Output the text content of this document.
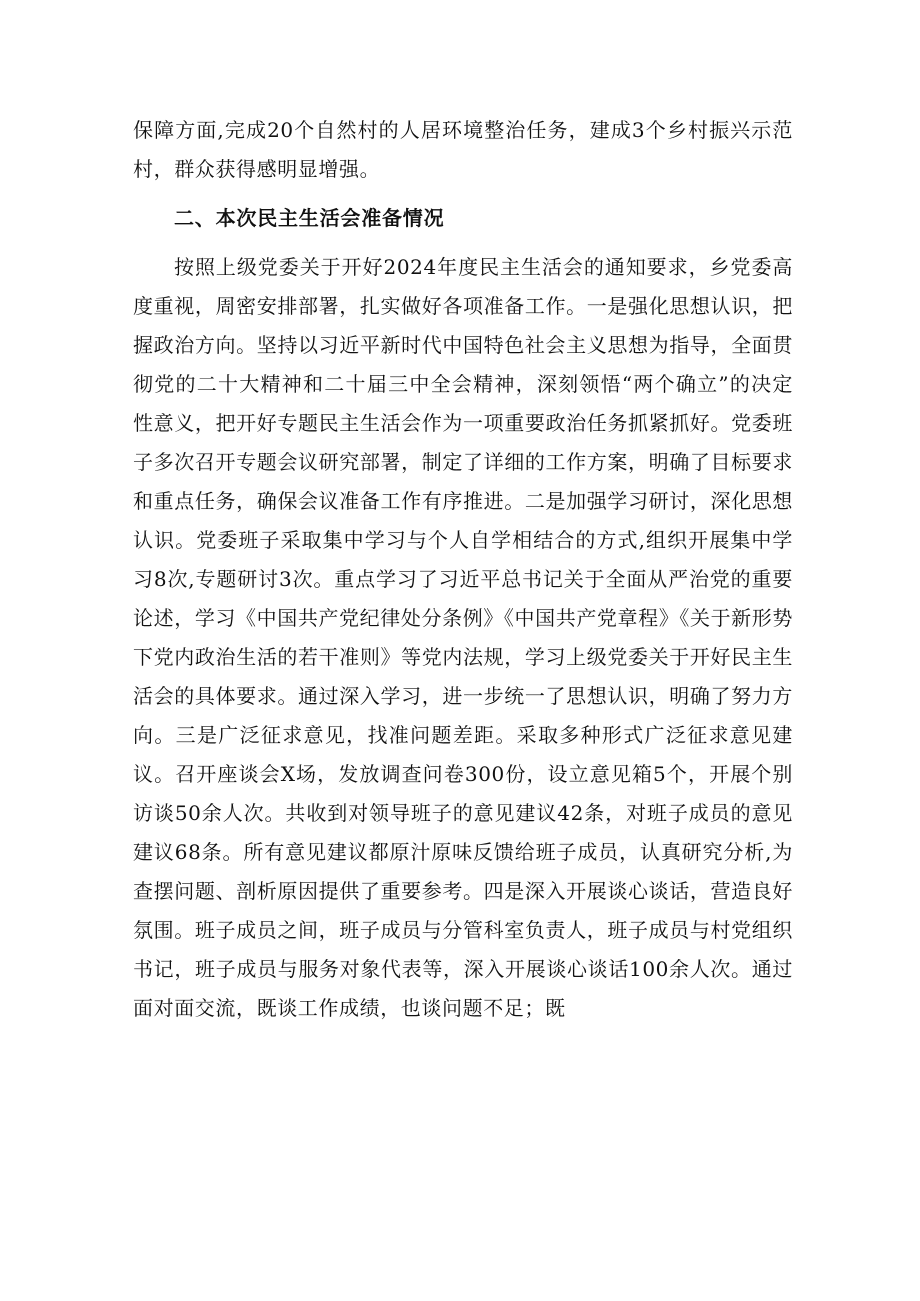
保障方面,完成20个自然村的人居环境整治任务，建成3个乡村振兴示范村，群众获得感明显增强。

二、本次民主生活会准备情况

按照上级党委关于开好2024年度民主生活会的通知要求，乡党委高度重视，周密安排部署，扎实做好各项准备工作。一是强化思想认识，把握政治方向。坚持以习近平新时代中国特色社会主义思想为指导，全面贯彻党的二十大精神和二十届三中全会精神，深刻领悟“两个确立”的决定性意义，把开好专题民主生活会作为一项重要政治任务抓紧抓好。党委班子多次召开专题会议研究部署，制定了详细的工作方案，明确了目标要求和重点任务，确保会议准备工作有序推进。二是加强学习研讨，深化思想认识。党委班子采取集中学习与个人自学相结合的方式,组织开展集中学习8次,专题研讨3次。重点学习了习近平总书记关于全面从严治党的重要论述，学习《中国共产党纪律处分条例》《中国共产党章程》《关于新形势下党内政治生活的若干准则》等党内法规，学习上级党委关于开好民主生活会的具体要求。通过深入学习，进一步统一了思想认识，明确了努力方向。三是广泛征求意见，找准问题差距。采取多种形式广泛征求意见建议。召开座谈会X场，发放调查问卷300份，设立意见箱5个，开展个别访谈50余人次。共收到对领导班子的意见建议42条，对班子成员的意见建议68条。所有意见建议都原汁原味反馈给班子成员，认真研究分析,为查摆问题、剖析原因提供了重要参考。四是深入开展谈心谈话，营造良好氛围。班子成员之间，班子成员与分管科室负责人，班子成员与村党组织书记，班子成员与服务对象代表等，深入开展谈心谈话100余人次。通过面对面交流，既谈工作成绩，也谈问题不足；既
